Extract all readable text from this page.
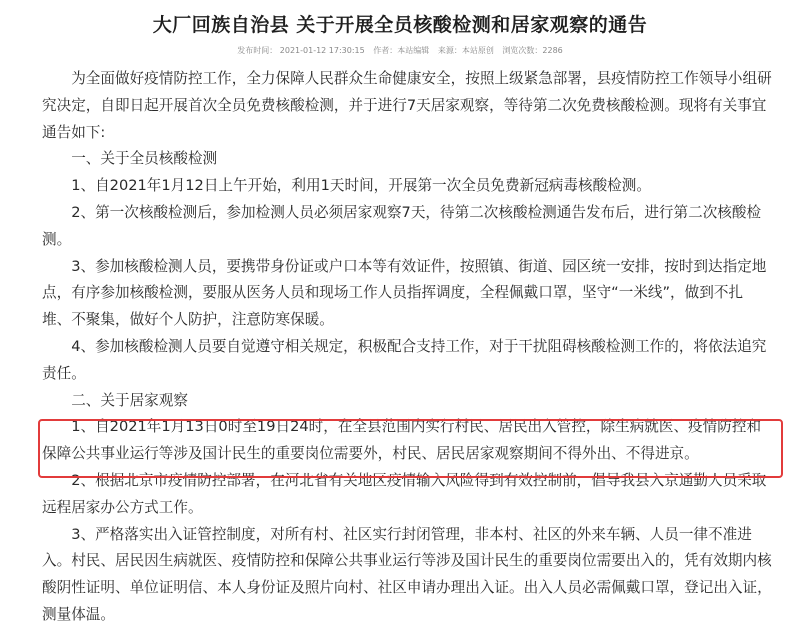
大厂回族自治县 关于开展全员核酸检测和居家观察的通告
发布时间： 2021-01-12 17:30:15 作者：本站编辑 来源：本站原创 浏览次数：2286

为全面做好疫情防控工作，全力保障人民群众生命健康安全，按照上级紧急部署，县疫情防控工作领导小组研究决定，自即日起开展首次全员免费核酸检测，并于进行7天居家观察，等待第二次免费核酸检测。现将有关事宜通告如下:

一、关于全员核酸检测

1、自2021年1月12日上午开始，利用1天时间，开展第一次全员免费新冠病毒核酸检测。

2、第一次核酸检测后，参加检测人员必须居家观察7天，待第二次核酸检测通告发布后，进行第二次核酸检测。

3、参加核酸检测人员，要携带身份证或户口本等有效证件，按照镇、街道、园区统一安排，按时到达指定地点，有序参加核酸检测，要服从医务人员和现场工作人员指挥调度，全程佩戴口罩，坚守“一米线”，做到不扎堆、不聚集，做好个人防护，注意防寒保暖。

4、参加核酸检测人员要自觉遵守相关规定，积极配合支持工作，对于干扰阻碍核酸检测工作的，将依法追究责任。

二、关于居家观察

1、自2021年1月13日0时至19日24时，在全县范围内实行村民、居民出入管控，除生病就医、疫情防控和保障公共事业运行等涉及国计民生的重要岗位需要外，村民、居民居家观察期间不得外出、不得进京。

2、根据北京市疫情防控部署，在河北省有关地区疫情输入风险得到有效控制前，倡导我县入京通勤人员采取远程居家办公方式工作。

3、严格落实出入证管控制度，对所有村、社区实行封闭管理，非本村、社区的外来车辆、人员一律不准进入。村民、居民因生病就医、疫情防控和保障公共事业运行等涉及国计民生的重要岗位需要出入的，凭有效期内核酸阴性证明、单位证明信、本人身份证及照片向村、社区申请办理出入证。出入人员必需佩戴口罩，登记出入证，测量体温。
